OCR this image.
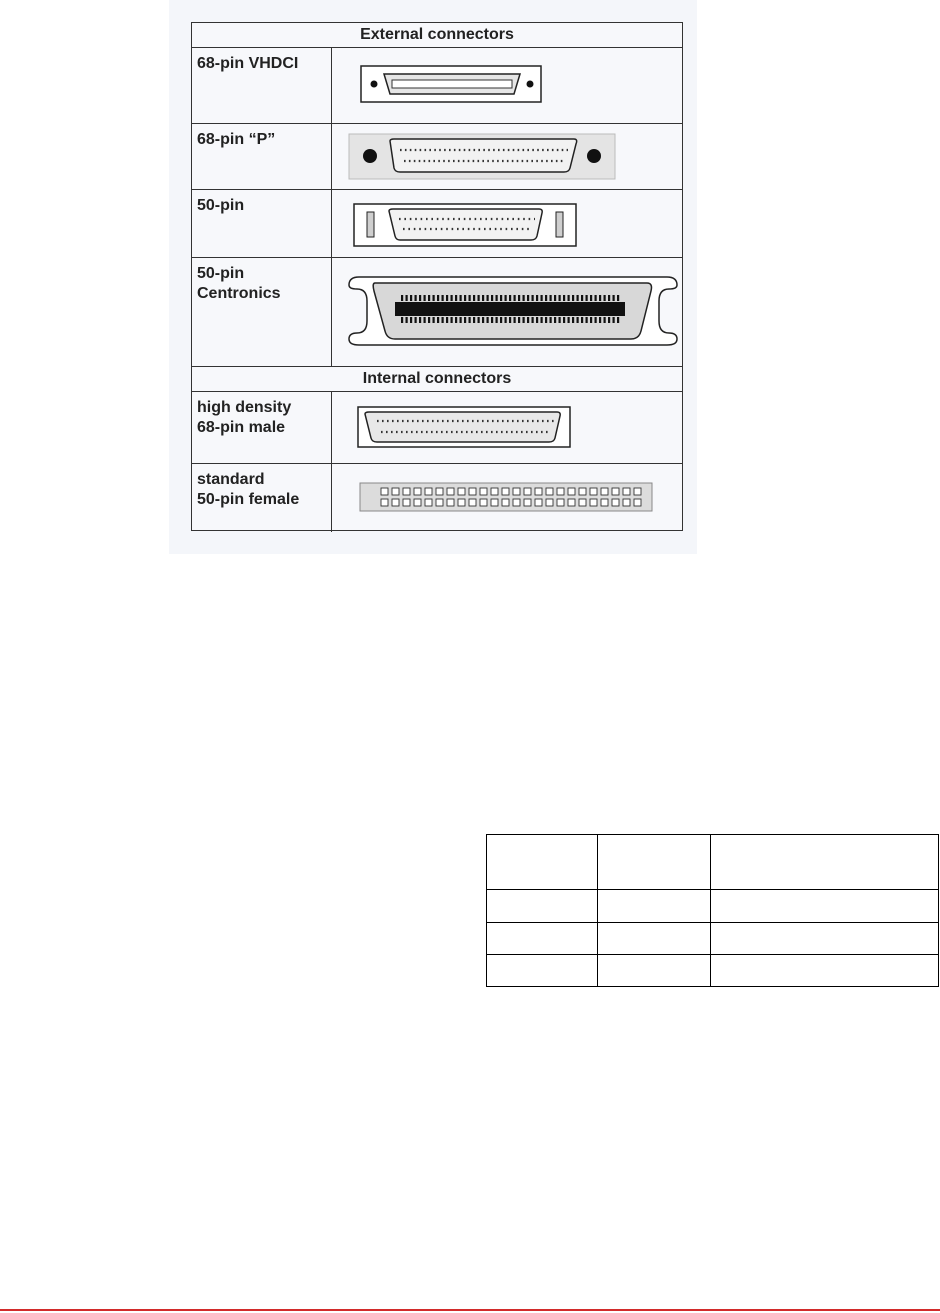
External connectors
68-pin VHDCI
68-pin “P”
50-pin
50-pin
Centronics
Internal connectors
high density
68-pin male
standard
50-pin female
